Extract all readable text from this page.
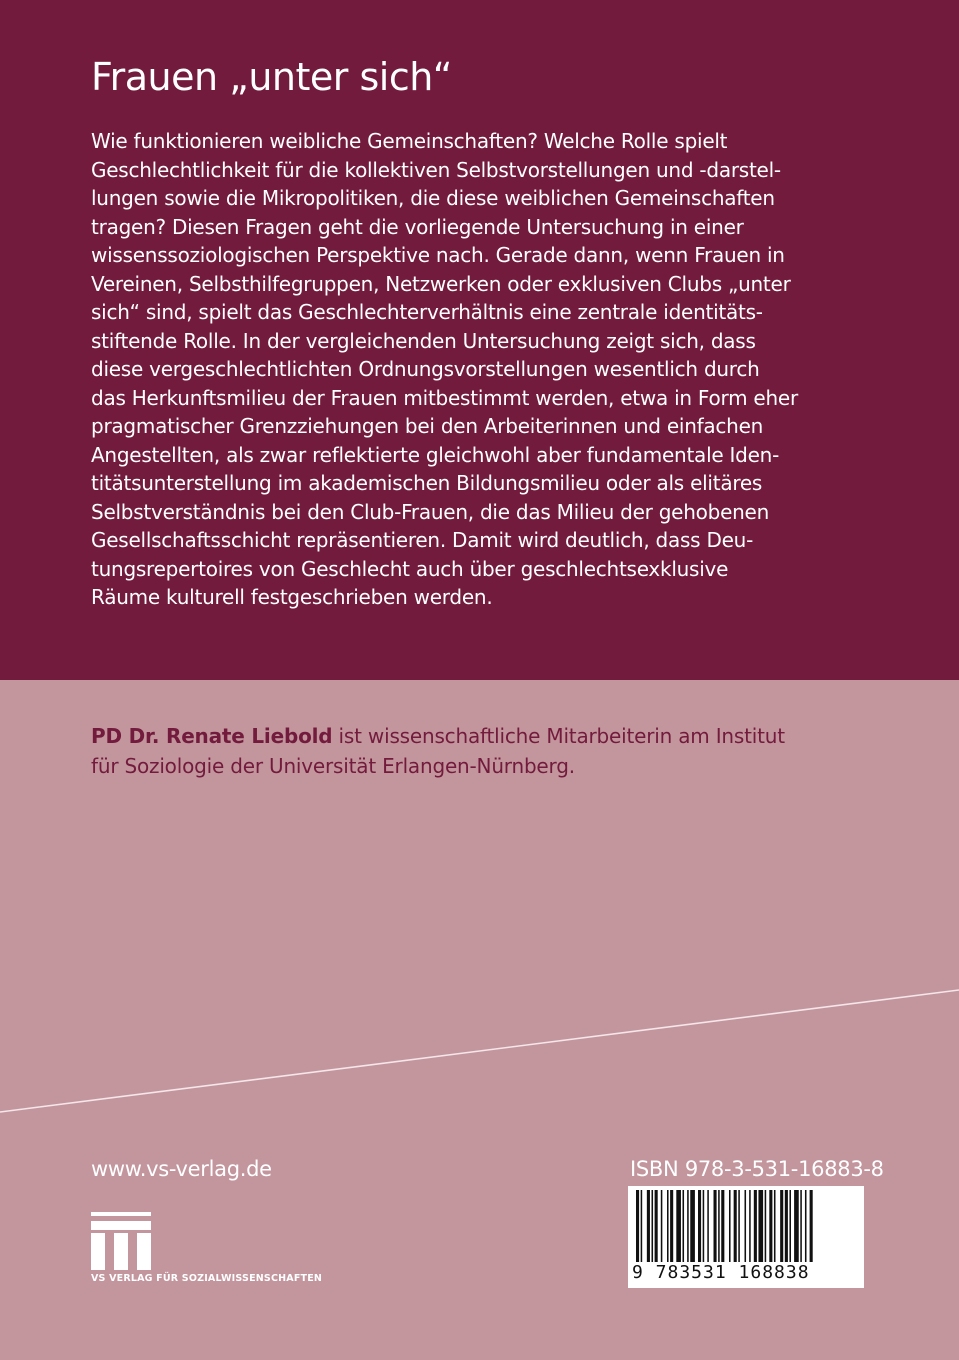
Frauen „unter sich“
Wie funktionieren weibliche Gemeinschaften? Welche Rolle spielt
Geschlechtlichkeit für die kollektiven Selbstvorstellungen und -darstel-
lungen sowie die Mikropolitiken, die diese weiblichen Gemeinschaften
tragen? Diesen Fragen geht die vorliegende Untersuchung in einer
wissenssoziologischen Perspektive nach. Gerade dann, wenn Frauen in
Vereinen, Selbsthilfegruppen, Netzwerken oder exklusiven Clubs „unter
sich“ sind, spielt das Geschlechterverhältnis eine zentrale identitäts-
stiftende Rolle. In der vergleichenden Untersuchung zeigt sich, dass
diese vergeschlechtlichten Ordnungsvorstellungen wesentlich durch
das Herkunftsmilieu der Frauen mitbestimmt werden, etwa in Form eher
pragmatischer Grenzziehungen bei den Arbeiterinnen und einfachen
Angestellten, als zwar reflektierte gleichwohl aber fundamentale Iden-
titätsunterstellung im akademischen Bildungsmilieu oder als elitäres
Selbstverständnis bei den Club-Frauen, die das Milieu der gehobenen
Gesellschaftsschicht repräsentieren. Damit wird deutlich, dass Deu-
tungsrepertoires von Geschlecht auch über geschlechtsexklusive
Räume kulturell festgeschrieben werden.
PD Dr. Renate Liebold ist wissenschaftliche Mitarbeiterin am Institut
für Soziologie der Universität Erlangen-Nürnberg.
www.vs-verlag.de
VS VERLAG FÜR SOZIALWISSENSCHAFTEN
ISBN 978-3-531-16883-8
9 783531 168838
